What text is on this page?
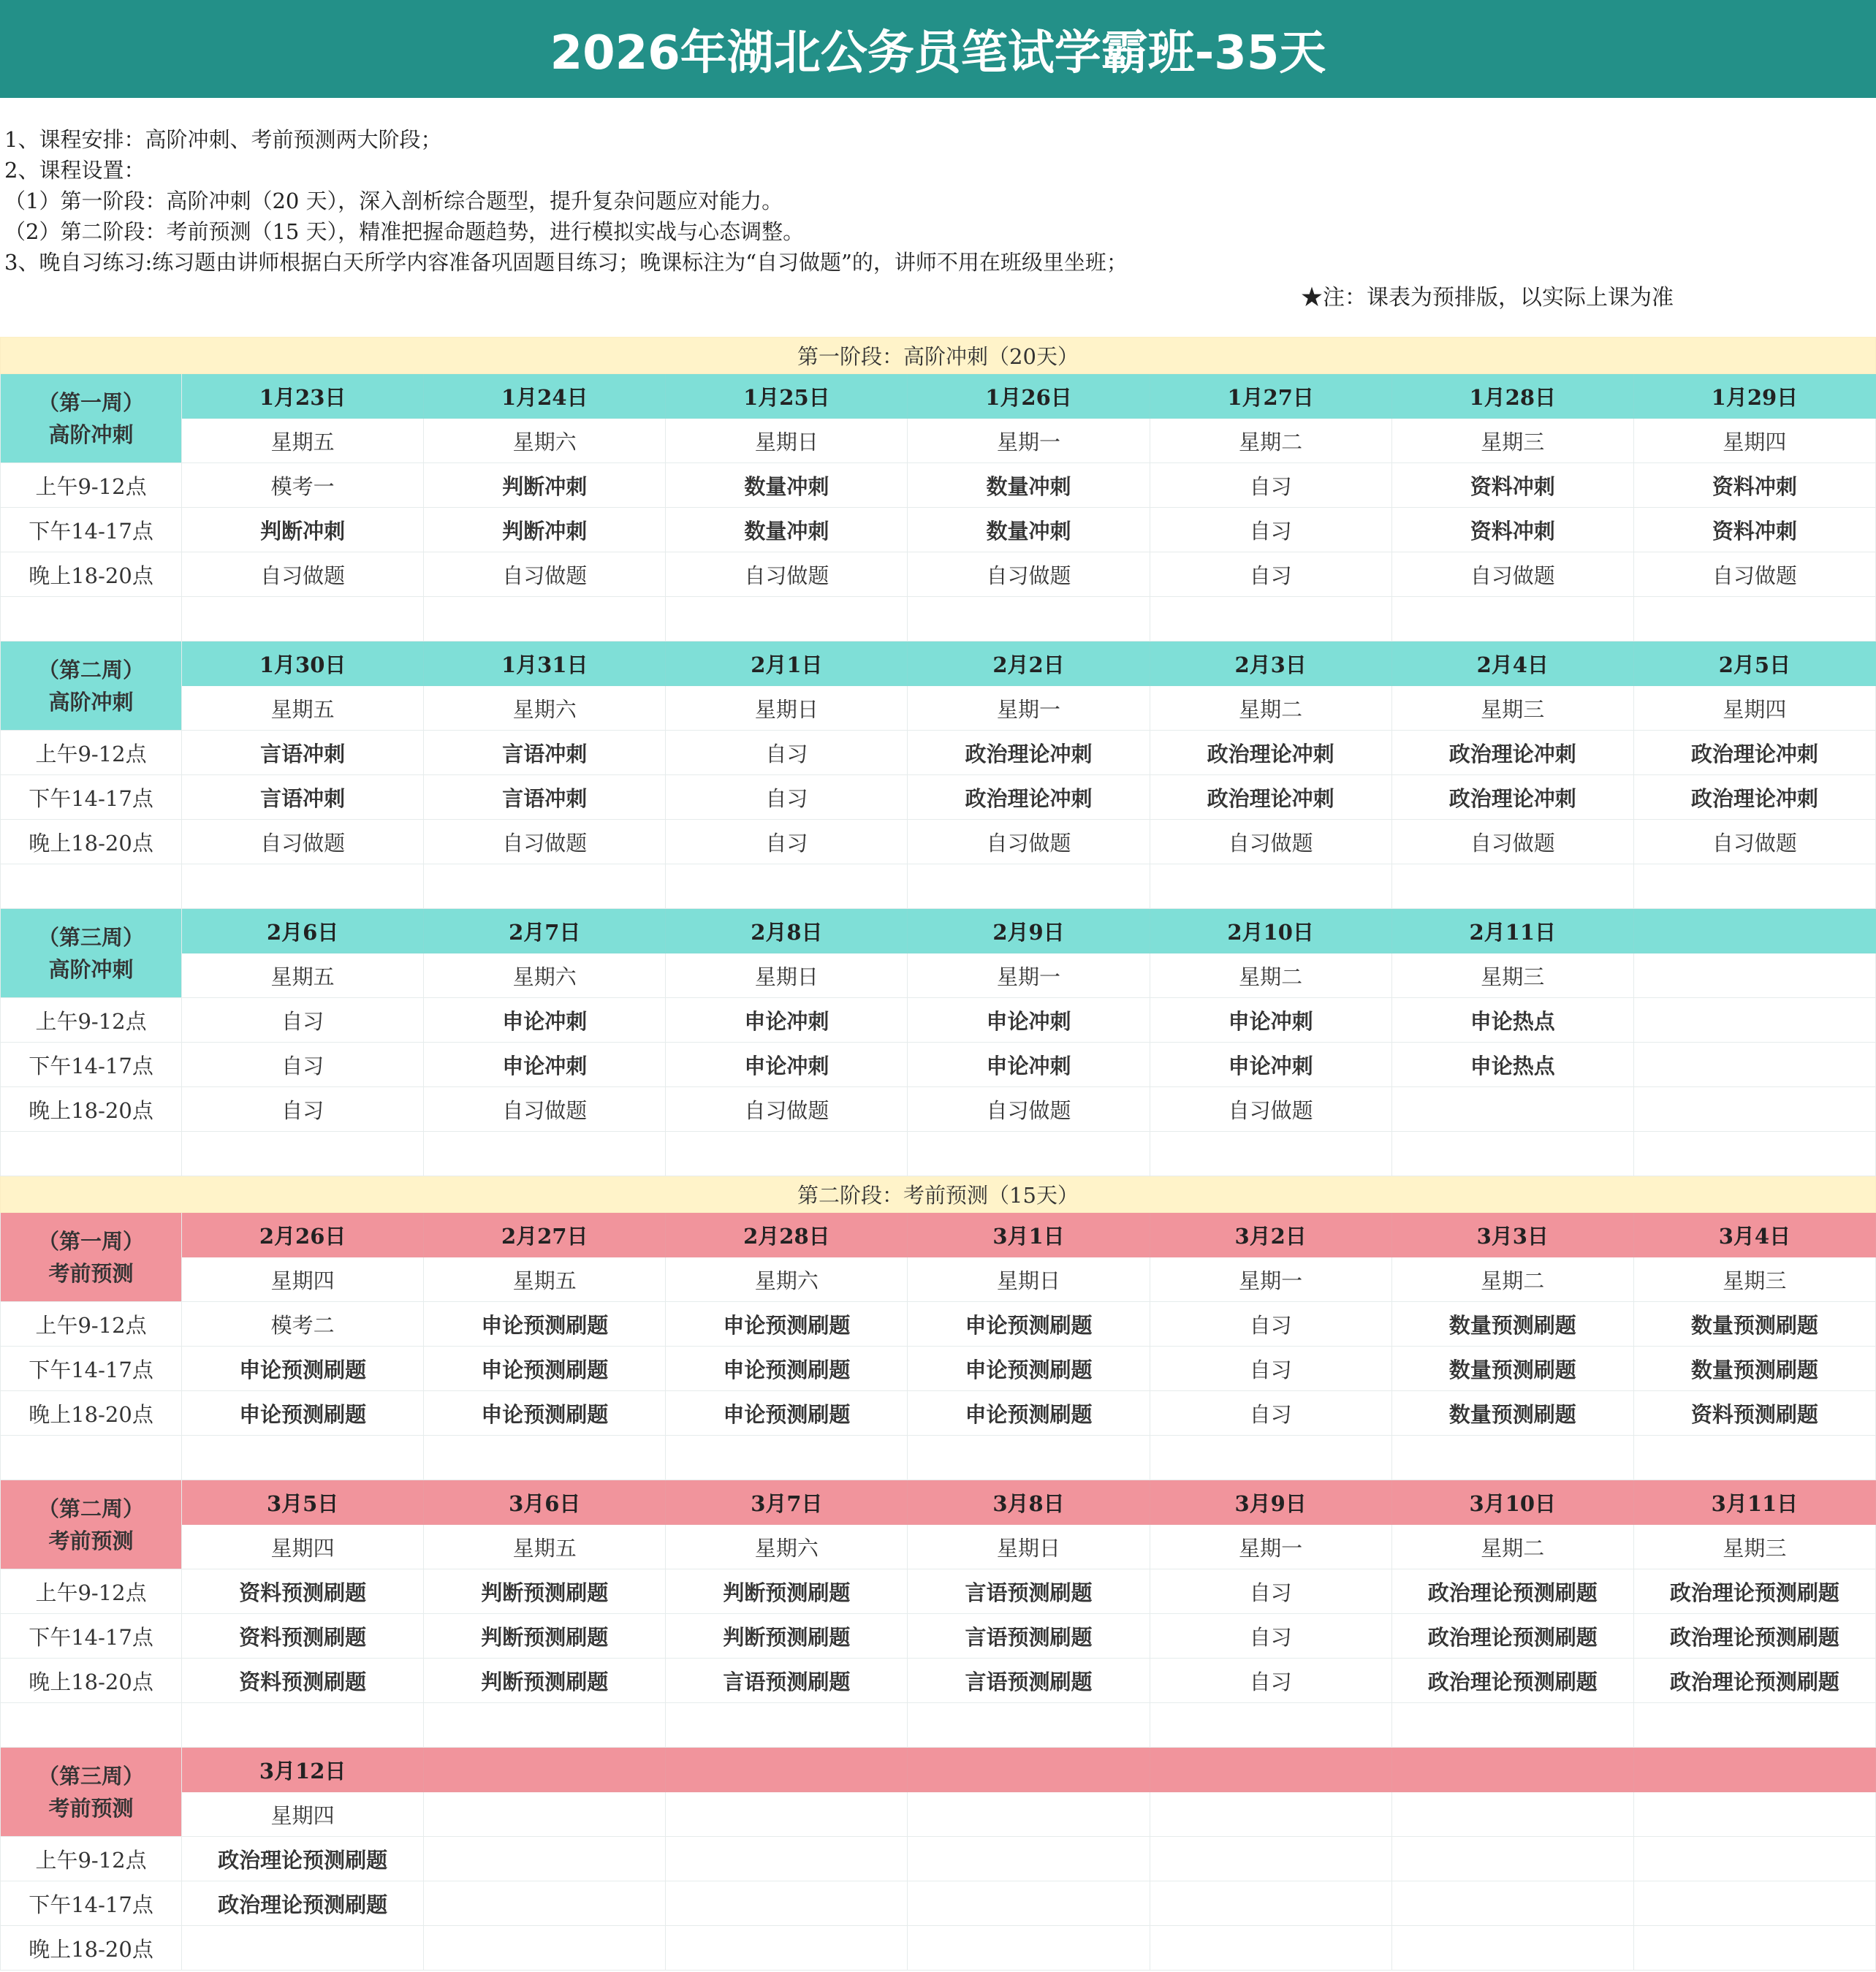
2026年湖北公务员笔试学霸班-35天
1、课程安排：高阶冲刺、考前预测两大阶段；
2、课程设置：
（1）第一阶段：高阶冲刺（20 天），深入剖析综合题型，提升复杂问题应对能力。
（2）第二阶段：考前预测（15 天），精准把握命题趋势，进行模拟实战与心态调整。
3、晚自习练习:练习题由讲师根据白天所学内容准备巩固题目练习；晚课标注为“自习做题”的，讲师不用在班级里坐班；
★注：课表为预排版，以实际上课为准
第一阶段：高阶冲刺（20天）							

（第一周）
高阶冲刺	1月23日	1月24日	1月25日	1月26日	1月27日	1月28日	1月29日
	星期五	星期六	星期日	星期一	星期二	星期三	星期四
上午9-12点	模考一	判断冲刺	数量冲刺	数量冲刺	自习	资料冲刺	资料冲刺
下午14-17点	判断冲刺	判断冲刺	数量冲刺	数量冲刺	自习	资料冲刺	资料冲刺
晚上18-20点	自习做题	自习做题	自习做题	自习做题	自习	自习做题	自习做题

（第二周）
高阶冲刺	1月30日	1月31日	2月1日	2月2日	2月3日	2月4日	2月5日
	星期五	星期六	星期日	星期一	星期二	星期三	星期四
上午9-12点	言语冲刺	言语冲刺	自习	政治理论冲刺	政治理论冲刺	政治理论冲刺	政治理论冲刺
下午14-17点	言语冲刺	言语冲刺	自习	政治理论冲刺	政治理论冲刺	政治理论冲刺	政治理论冲刺
晚上18-20点	自习做题	自习做题	自习	自习做题	自习做题	自习做题	自习做题

（第三周）
高阶冲刺	2月6日	2月7日	2月8日	2月9日	2月10日	2月11日	
	星期五	星期六	星期日	星期一	星期二	星期三	
上午9-12点	自习	申论冲刺	申论冲刺	申论冲刺	申论冲刺	申论热点	
下午14-17点	自习	申论冲刺	申论冲刺	申论冲刺	申论冲刺	申论热点	
晚上18-20点	自习	自习做题	自习做题	自习做题	自习做题		

第二阶段：考前预测（15天）							

（第一周）
考前预测	2月26日	2月27日	2月28日	3月1日	3月2日	3月3日	3月4日
	星期四	星期五	星期六	星期日	星期一	星期二	星期三
上午9-12点	模考二	申论预测刷题	申论预测刷题	申论预测刷题	自习	数量预测刷题	数量预测刷题
下午14-17点	申论预测刷题	申论预测刷题	申论预测刷题	申论预测刷题	自习	数量预测刷题	数量预测刷题
晚上18-20点	申论预测刷题	申论预测刷题	申论预测刷题	申论预测刷题	自习	数量预测刷题	资料预测刷题

（第二周）
考前预测	3月5日	3月6日	3月7日	3月8日	3月9日	3月10日	3月11日
	星期四	星期五	星期六	星期日	星期一	星期二	星期三
上午9-12点	资料预测刷题	判断预测刷题	判断预测刷题	言语预测刷题	自习	政治理论预测刷题	政治理论预测刷题
下午14-17点	资料预测刷题	判断预测刷题	判断预测刷题	言语预测刷题	自习	政治理论预测刷题	政治理论预测刷题
晚上18-20点	资料预测刷题	判断预测刷题	言语预测刷题	言语预测刷题	自习	政治理论预测刷题	政治理论预测刷题

（第三周）
考前预测	3月12日						
	星期四						
上午9-12点	政治理论预测刷题						
下午14-17点	政治理论预测刷题						
晚上18-20点							
